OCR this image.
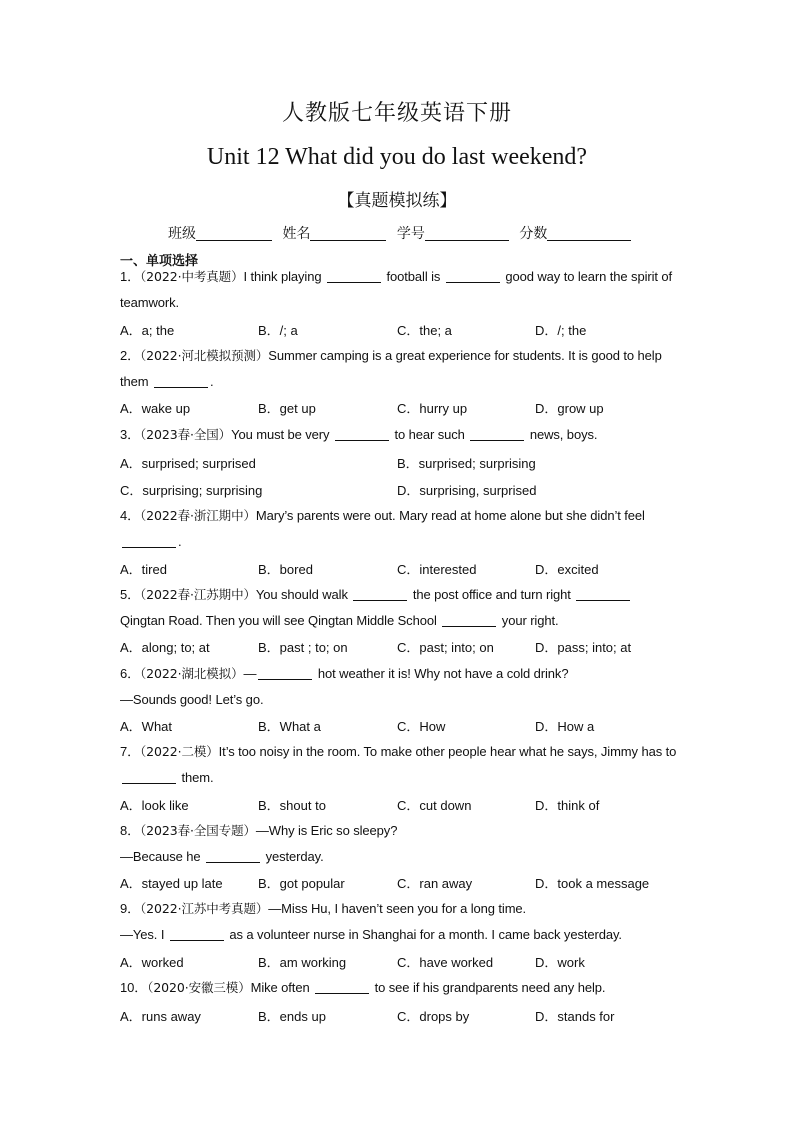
人教版七年级英语下册
Unit 12 What did you do last weekend?
【真题模拟练】
班级	姓名	学号	分数
一、单项选择
1．（2022·中考真题）I think playing	football is	good way to learn the spirit of teamwork.
A．a; the	B．/; a	C．the; a	D．/; the
2．（2022·河北模拟预测）Summer camping is a great experience for students. It is good to help them	.
A．wake up	B．get up	C．hurry up	D．grow up
3．（2023春·全国）You must be very	to hear such	news, boys.
A．surprised; surprised	B．surprised; surprising
C．surprising; surprising	D．surprising, surprised
4．（2022春·浙江期中）Mary’s parents were out. Mary read at home alone but she didn’t feel .
A．tired	B．bored	C．interested	D．excited
5．（2022春·江苏期中）You should walk	the post office and turn right  Qingtan Road. Then you will see Qingtan Middle School	your right.
A．along; to; at	B．past ; to; on	C．past; into; on	D．pass; into; at
6．（2022·湖北模拟）—	hot weather it is! Why not have a cold drink?
—Sounds good! Let’s go.
A．What	B．What a	C．How	D．How a
7．（2022·二模）It’s too noisy in the room. To make other people hear what he says, Jimmy has to  them.
A．look like	B．shout to	C．cut down	D．think of
8．（2023春·全国专题）—Why is Eric so sleepy?
—Because he	yesterday.
A．stayed up late	B．got popular	C．ran away	D．took a message
9．（2022·江苏中考真题）—Miss Hu, I haven’t seen you for a long time.
—Yes. I	as a volunteer nurse in Shanghai for a month. I came back yesterday.
A．worked	B．am working	C．have worked	D．work
10．（2020·安徽三模）Mike often	to see if his grandparents need any help.
A．runs away	B．ends up	C．drops by	D．stands for
